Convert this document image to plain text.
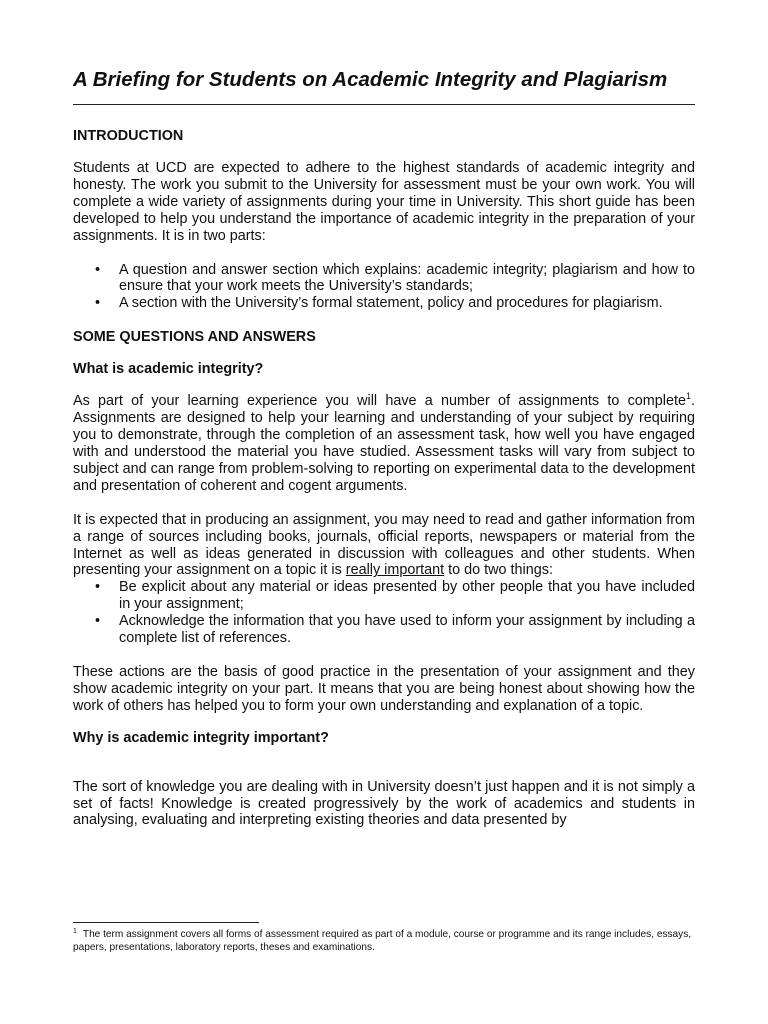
A Briefing for Students on Academic Integrity and Plagiarism
INTRODUCTION

Students at UCD are expected to adhere to the highest standards of academic integrity and honesty. The work you submit to the University for assessment must be your own work. You will complete a wide variety of assignments during your time in University. This short guide has been developed to help you understand the importance of academic integrity in the preparation of your assignments. It is in two parts:

• A question and answer section which explains: academic integrity; plagiarism and how to ensure that your work meets the University’s standards;
• A section with the University’s formal statement, policy and procedures for plagiarism.
SOME QUESTIONS AND ANSWERS
What is academic integrity?

As part of your learning experience you will have a number of assignments to complete$^1$. Assignments are designed to help your learning and understanding of your subject by requiring you to demonstrate, through the completion of an assessment task, how well you have engaged with and understood the material you have studied. Assessment tasks will vary from subject to subject and can range from problem-solving to reporting on experimental data to the development and presentation of coherent and cogent arguments.

It is expected that in producing an assignment, you may need to read and gather information from a range of sources including books, journals, official reports, newspapers or material from the Internet as well as ideas generated in discussion with colleagues and other students. When presenting your assignment on a topic it is really important to do two things:

• Be explicit about any material or ideas presented by other people that you have included in your assignment;
• Acknowledge the information that you have used to inform your assignment by including a complete list of references.

These actions are the basis of good practice in the presentation of your assignment and they show academic integrity on your part. It means that you are being honest about showing how the work of others has helped you to form your own understanding and explanation of a topic.

Why is academic integrity important?

The sort of knowledge you are dealing with in University doesn’t just happen and it is not simply a set of facts! Knowledge is created progressively by the work of academics and students in analysing, evaluating and interpreting existing theories and data presented by

$^1$ The term assignment covers all forms of assessment required as part of a module, course or programme and its range includes, essays, papers, presentations, laboratory reports, theses and examinations.
